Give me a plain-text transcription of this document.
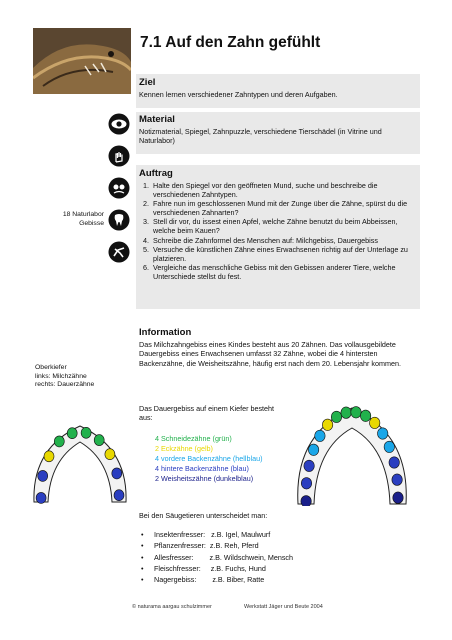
7.1 Auf den Zahn gefühlt

18 Naturlabor
Gebisse
Oberkiefer
links: Milchzähne
rechts: Dauerzähne
Ziel
Kennen lernen verschiedener Zahntypen und deren Aufgaben.
Material
Notizmaterial, Spiegel, Zahnpuzzle, verschiedene Tierschädel (in Vitrine und Naturlabor)
Auftrag
1. Halte den Spiegel vor den geöffneten Mund, suche und beschreibe die verschiedenen Zahntypen.
2. Fahre nun im geschlossenen Mund mit der Zunge über die Zähne, spürst du die verschiedenen Zahnarten?
3. Stell dir vor, du issest einen Apfel, welche Zähne benutzt du beim Abbeissen, welche beim Kauen?
4. Schreibe die Zahnformel des Menschen auf: Milchgebiss, Dauergebiss
5. Versuche die künstlichen Zähne eines Erwachsenen richtig auf der Unterlage zu platzieren.
6. Vergleiche das menschliche Gebiss mit den Gebissen anderer Tiere, welche Unterschiede stellst du fest.
Information
Das Milchzahngebiss eines Kindes besteht aus 20 Zähnen. Das vollausgebildete Dauergebiss eines Erwachsenen umfasst 32 Zähne, wobei die 4 hintersten Backenzähne, die Weisheitszähne, häufig erst nach dem 20. Lebensjahr kommen.
Das Dauergebiss auf einem Kiefer besteht aus:
4 Schneidezähne (grün)
2 Eckzähne (gelb)
4 vordere Backenzähne (hellblau)
4 hintere Backenzähne (blau)
2 Weisheitszähne (dunkelblau)
Bei den Säugetieren unterscheidet man:
• Insektenfresser:   z.B. Igel, Maulwurf
• Pflanzenfresser:  z.B. Reh, Pferd
• Allesfresser:        z.B. Wildschwein, Mensch
• Fleischfresser:     z.B. Fuchs, Hund
• Nagergebiss:        z.B. Biber, Ratte
© naturama aargau schulzimmer	Werkstatt Jäger und Beute 2004
